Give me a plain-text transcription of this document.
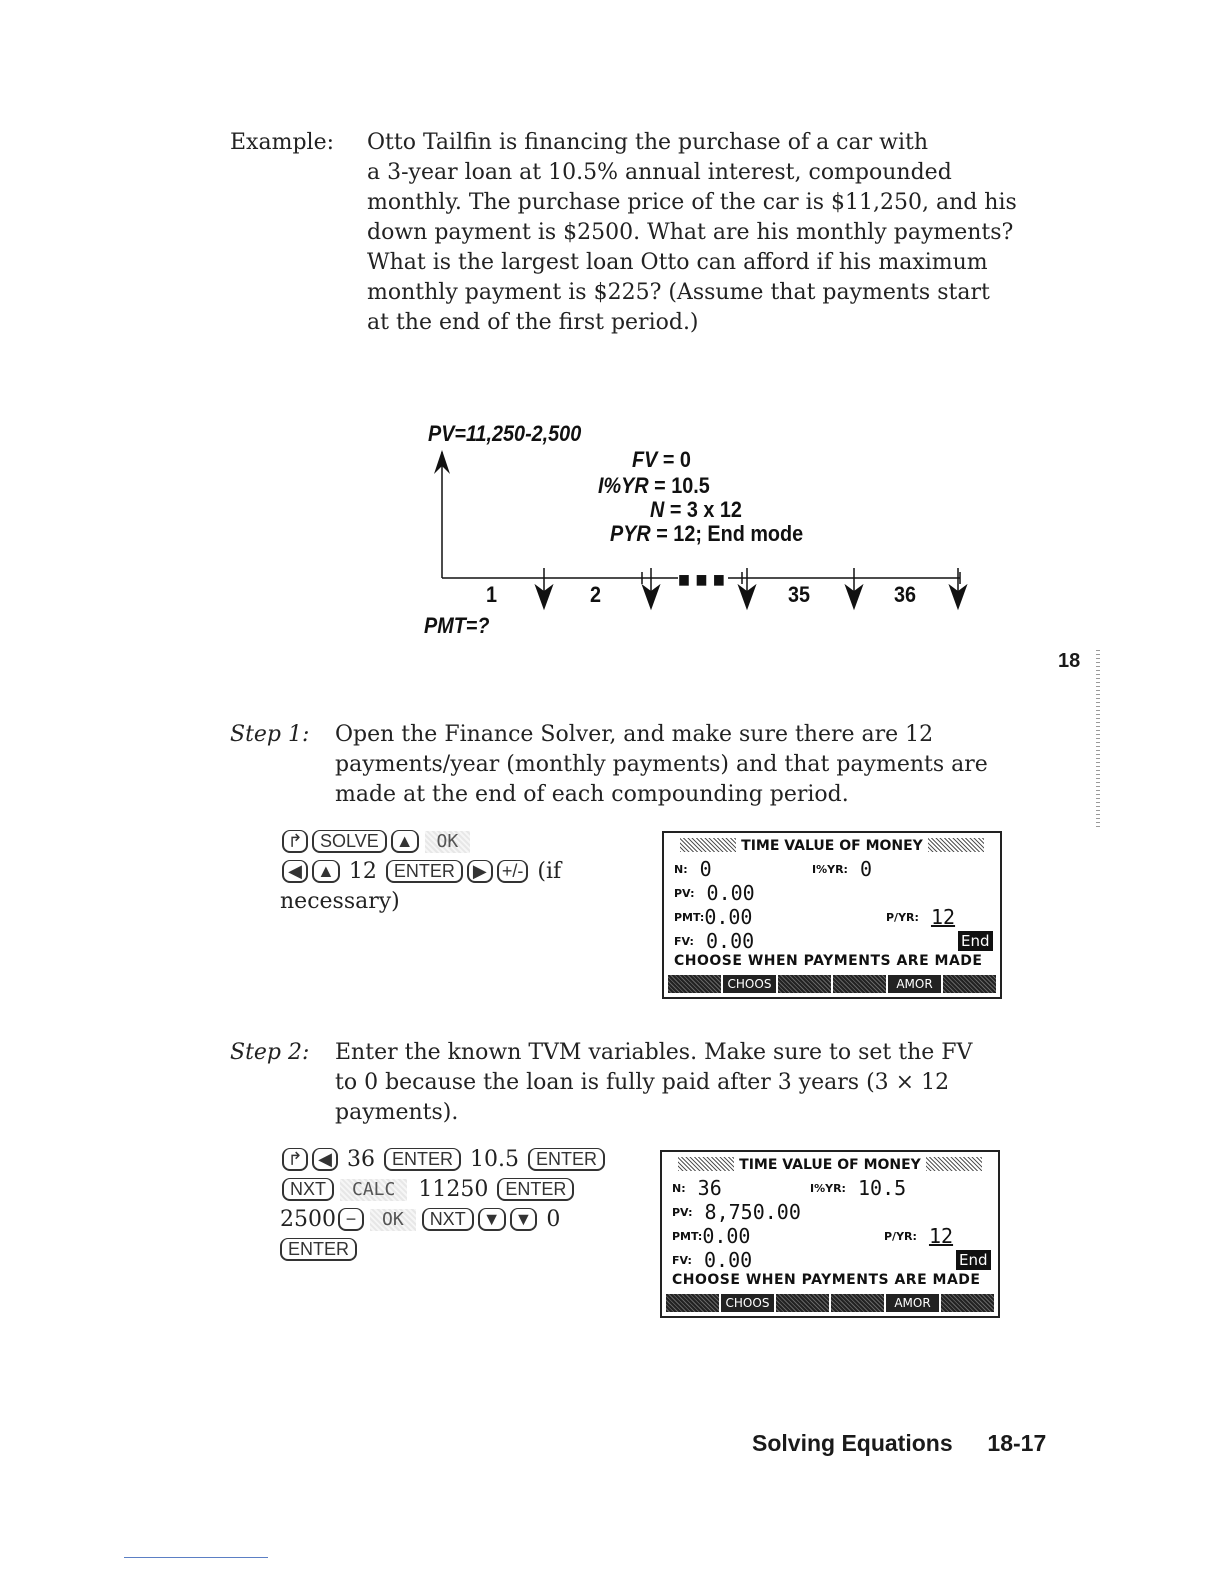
Example: Otto Tailfin is financing the purchase of a car with
a 3-year loan at 10.5% annual interest, compounded
monthly. The purchase price of the car is $11,250, and his
down payment is $2500. What are his monthly payments?
What is the largest loan Otto can afford if his maximum
monthly payment is $225? (Assume that payments start
at the end of the first period.)
PV=11,250-2,500
FV = 0
I%YR = 10.5
N = 3 x 12
PYR = 12; End mode
■ ■ ■
1	2	35	36
PMT=?
18
Step 1: Open the Finance Solver, and make sure there are 12
payments/year (monthly payments) and that payments are
made at the end of each compounding period.
↱ SOLVE ▲ OK
◀ ▲ 12 ENTER ▶ +/- (if
necessary)
TIME VALUE OF MONEY
N: 0	I%YR: 0
PV: 0.00
PMT:0.00	P/YR: 12
FV: 0.00	End
CHOOSE WHEN PAYMENTS ARE MADE
CHOOS	AMOR
Step 2: Enter the known TVM variables. Make sure to set the FV
to 0 because the loan is fully paid after 3 years (3 × 12
payments).
↱ ◀ 36 ENTER 10.5 ENTER
NXT CALC 11250 ENTER
2500 − OK NXT ▼ ▼ 0
ENTER
TIME VALUE OF MONEY
N: 36	I%YR: 10.5
PV: 8,750.00
PMT:0.00	P/YR: 12
FV: 0.00	End
CHOOSE WHEN PAYMENTS ARE MADE
CHOOS	AMOR
Solving Equations 18-17
